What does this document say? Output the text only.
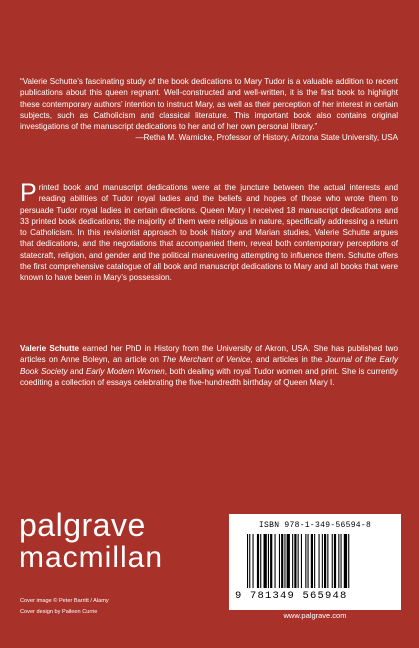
“Valerie Schutte’s fascinating study of the book dedications to Mary Tudor is a valuable addition to recent publications about this queen regnant. Well-constructed and well-written, it is the first book to highlight these contemporary authors’ intention to instruct Mary, as well as their perception of her interest in certain subjects, such as Catholicism and classical literature. This important book also contains original investigations of the manuscript dedications to her and of her own personal library.”
—Retha M. Warnicke, Professor of History, Arizona State University, USA
Printed book and manuscript dedications were at the juncture between the actual interests and reading abilities of Tudor royal ladies and the beliefs and hopes of those who wrote them to persuade Tudor royal ladies in certain directions. Queen Mary I received 18 manuscript dedications and 33 printed book dedications; the majority of them were religious in nature, specifically addressing a return to Catholicism. In this revisionist approach to book history and Marian studies, Valerie Schutte argues that dedications, and the negotiations that accompanied them, reveal both contemporary perceptions of statecraft, religion, and gender and the political maneuvering attempting to influence them. Schutte offers the first comprehensive catalogue of all book and manuscript dedications to Mary and all books that were known to have been in Mary’s possession.
Valerie Schutte earned her PhD in History from the University of Akron, USA. She has published two articles on Anne Boleyn, an article on The Merchant of Venice, and articles in the Journal of the Early Book Society and Early Modern Women, both dealing with royal Tudor women and print. She is currently coediting a collection of essays celebrating the five-hundredth birthday of Queen Mary I.
palgrave
macmillan
Cover image © Peter Barritt / Alamy
Cover design by Paileen Currie
ISBN 978-1-349-56594-8
9 781349 565948
www.palgrave.com
